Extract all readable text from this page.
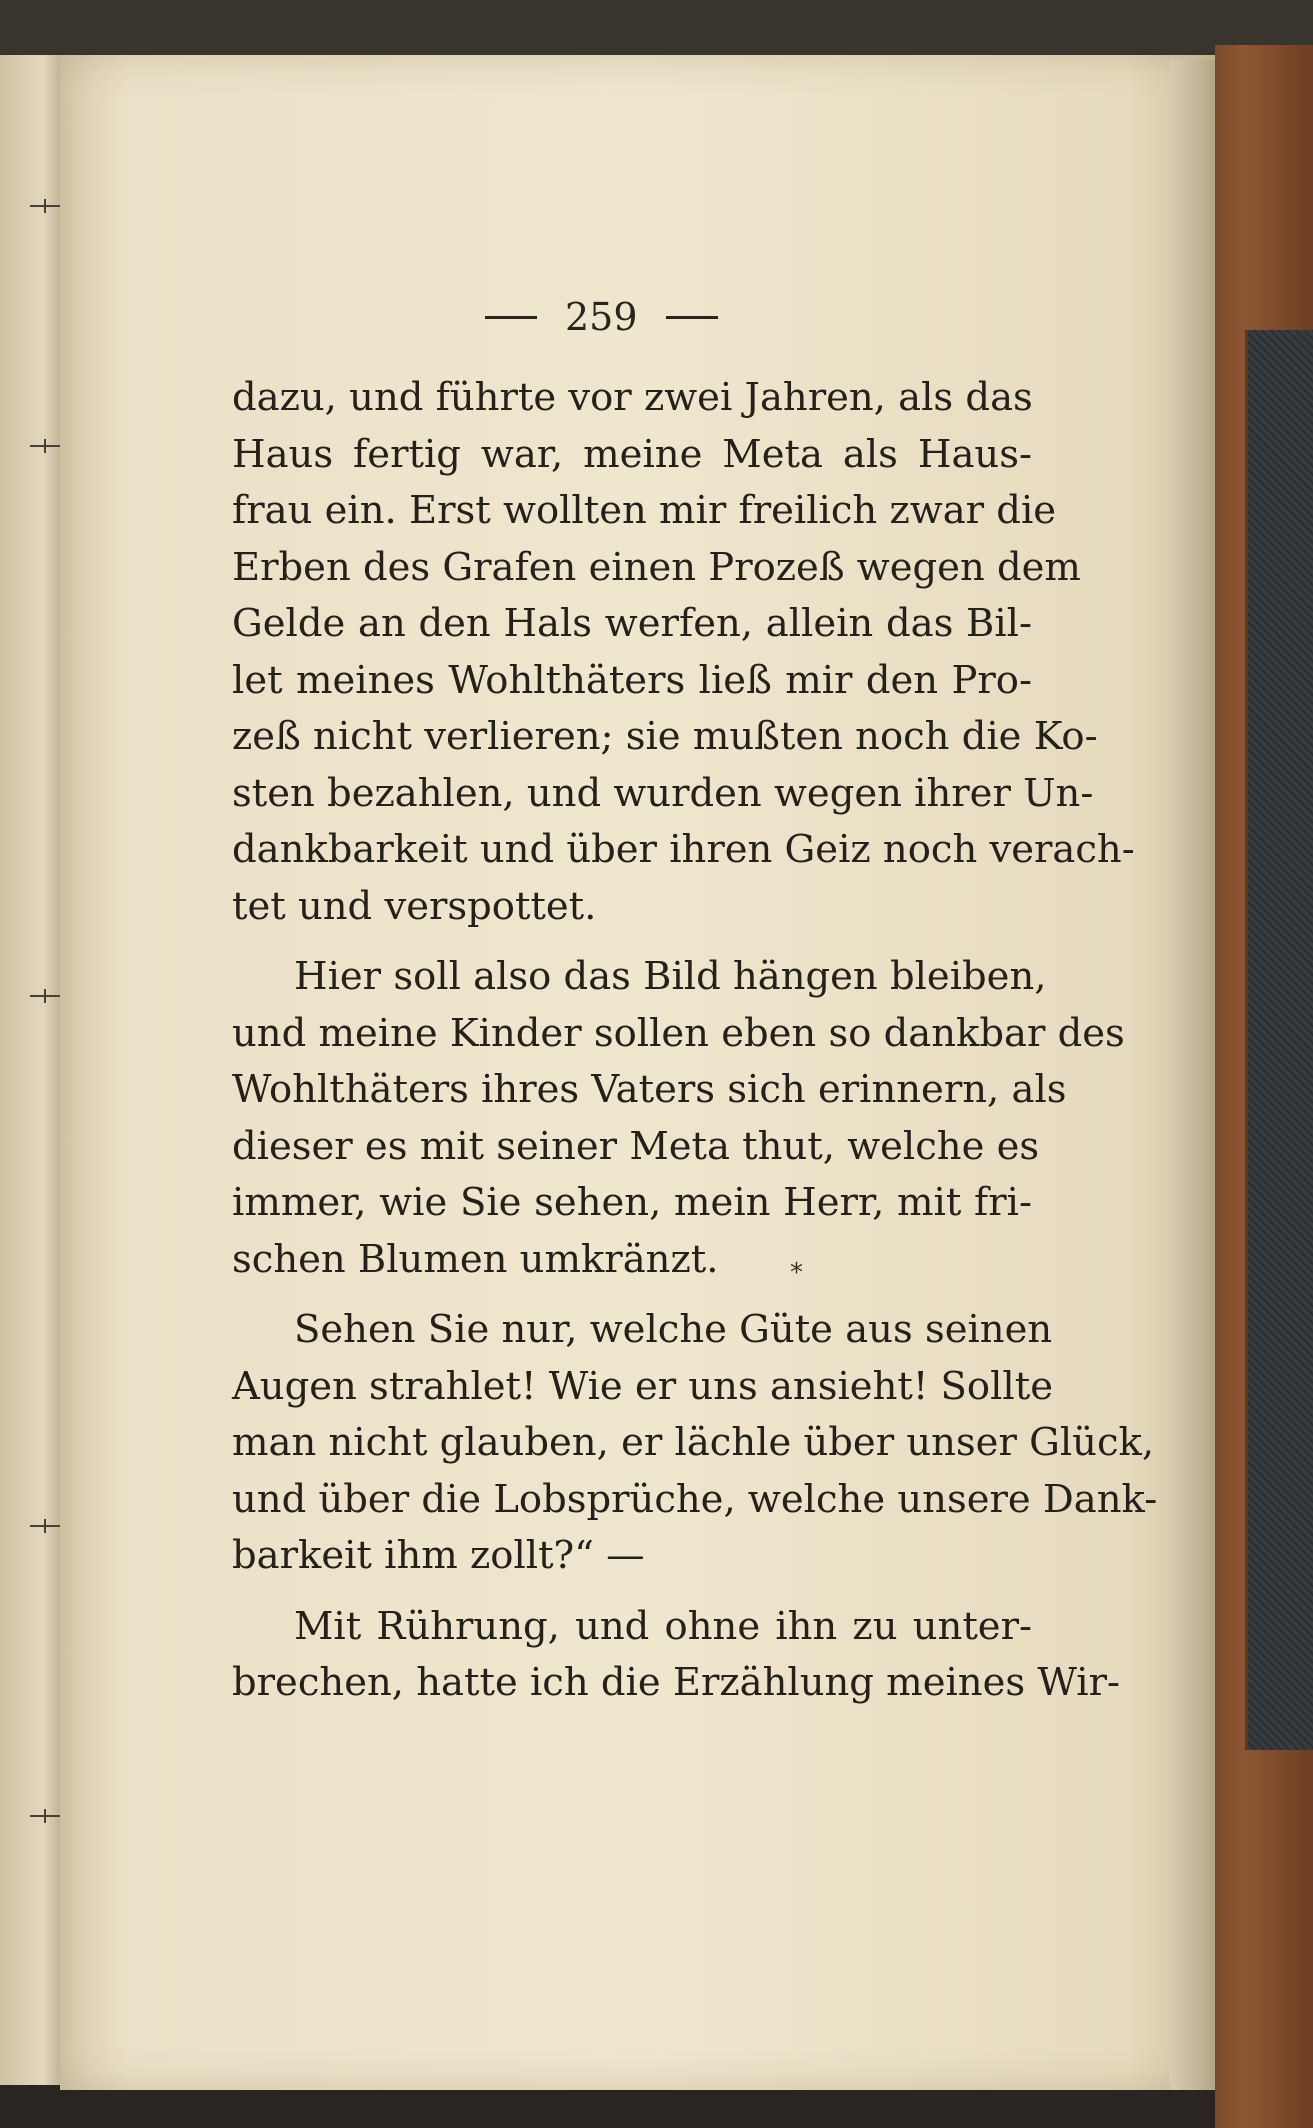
259
dazu, und führte vor zwei Jahren, als das
Haus fertig war, meine Meta als Haus-
frau ein. Erst wollten mir freilich zwar die
Erben des Grafen einen Prozeß wegen dem
Gelde an den Hals werfen, allein das Bil-
let meines Wohlthäters ließ mir den Pro-
zeß nicht verlieren; sie mußten noch die Ko-
sten bezahlen, und wurden wegen ihrer Un-
dankbarkeit und über ihren Geiz noch verach-
tet und verspottet.
Hier soll also das Bild hängen bleiben,
und meine Kinder sollen eben so dankbar des
Wohlthäters ihres Vaters sich erinnern, als
dieser es mit seiner Meta thut, welche es
immer, wie Sie sehen, mein Herr, mit fri-
schen Blumen umkränzt.
Sehen Sie nur, welche Güte aus seinen
Augen strahlet! Wie er uns ansieht! Sollte
man nicht glauben, er lächle über unser Glück,
und über die Lobsprüche, welche unsere Dank-
barkeit ihm zollt?“ —
Mit Rührung, und ohne ihn zu unter-
brechen, hatte ich die Erzählung meines Wir-
*
